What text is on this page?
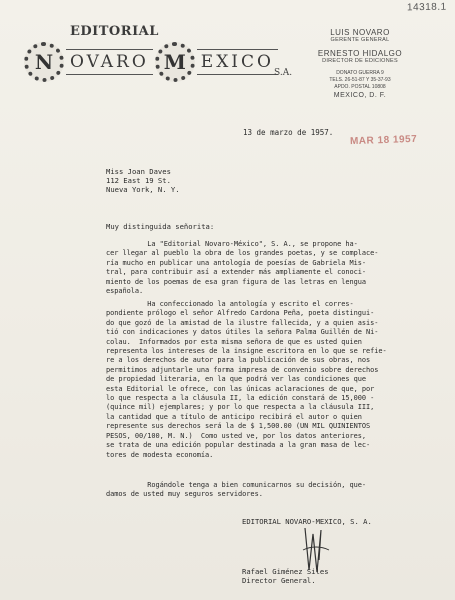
14318.1
EDITORIAL
N OVARO M EXICO
S.A.
LUIS NOVARO
GERENTE GENERAL
ERNESTO HIDALGO
DIRECTOR DE EDICIONES
DONATO GUERRA 9
TELS. 26-51-87 Y 35-37-93
APDO. POSTAL 10808
MEXICO, D. F.
13 de marzo de 1957.
MAR 18 1957
Miss Joan Daves
112 East 19 St.
Nueva York, N. Y.
Muy distinguida señorita:
La "Editorial Novaro-México", S. A., se propone ha-
cer llegar al pueblo la obra de los grandes poetas, y se complace-
ría mucho en publicar una antología de poesías de Gabriela Mis-
tral, para contribuir así a extender más ampliamente el conoci-
miento de los poemas de esa gran figura de las letras en lengua
española.
Ha confeccionado la antología y escrito el corres-
pondiente prólogo el señor Alfredo Cardona Peña, poeta distingui-
do que gozó de la amistad de la ilustre fallecida, y a quien asis-
tió con indicaciones y datos útiles la señora Palma Guillén de Ni-
colau.  Informados por esta misma señora de que es usted quien
representa los intereses de la insigne escritora en lo que se refie-
re a los derechos de autor para la publicación de sus obras, nos
permitimos adjuntarle una forma impresa de convenio sobre derechos
de propiedad literaria, en la que podrá ver las condiciones que
esta Editorial le ofrece, con las únicas aclaraciones de que, por
lo que respecta a la cláusula II, la edición constará de 15,000 -
(quince mil) ejemplares; y por lo que respecta a la cláusula III,
la cantidad que a título de anticipo recibirá el autor o quien
represente sus derechos será la de $ 1,500.00 (UN MIL QUINIENTOS
PESOS, 00/100, M. N.)  Como usted ve, por los datos anteriores,
se trata de una edición popular destinada a la gran masa de lec-
tores de modesta economía.
Rogándole tenga a bien comunicarnos su decisión, que-
damos de usted muy seguros servidores.
EDITORIAL NOVARO-MEXICO, S. A.
Rafael Giménez Siles
Director General.
